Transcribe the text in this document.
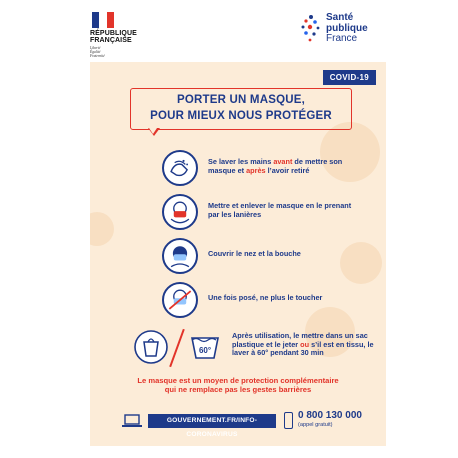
RÉPUBLIQUE
FRANÇAISE
Liberté
Égalité
Fraternité
Santé
publique
France
COVID-19
PORTER UN MASQUE,
POUR MIEUX NOUS PROTÉGER
Se laver les mains avant de mettre son masque et après l’avoir retiré
Mettre et enlever le masque en le prenant par les lanières
Couvrir le nez et la bouche
Une fois posé, ne plus le toucher
60°
Après utilisation, le mettre dans un sac plastique et le jeter ou s’il est en tissu, le laver à 60° pendant 30 min
Le masque est un moyen de protection complémentaire
qui ne remplace pas les gestes barrières
GOUVERNEMENT.FR/INFO-CORONAVIRUS
0 800 130 000
(appel gratuit)
